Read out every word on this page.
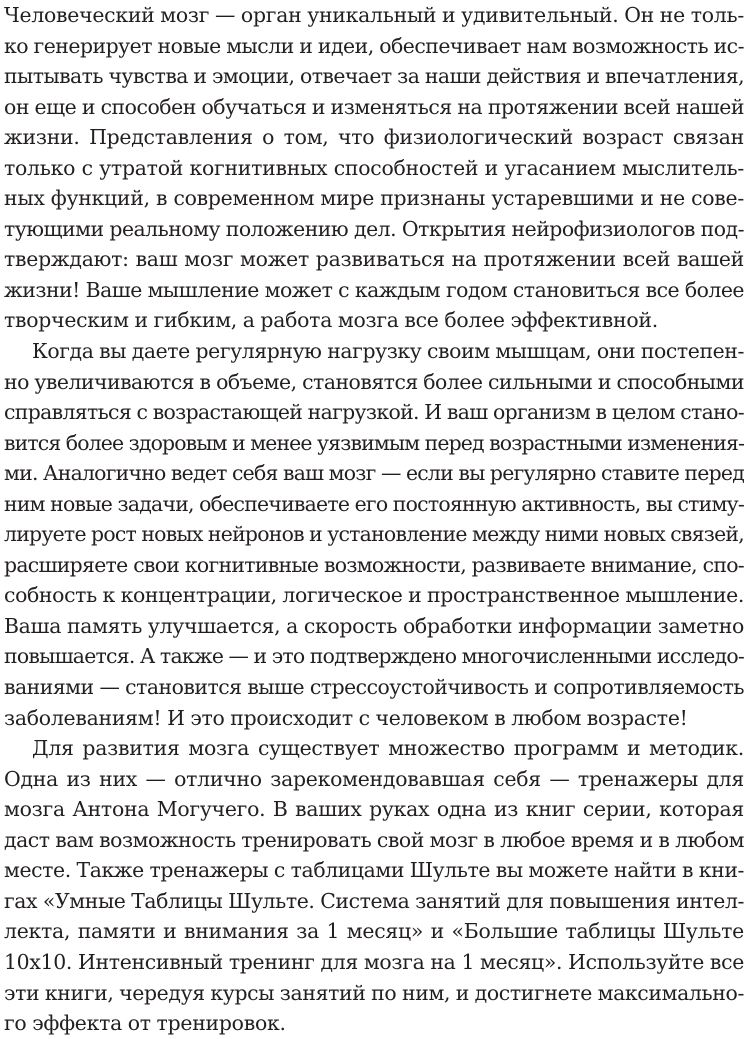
Человеческий мозг — орган уникальный и удивительный. Он не толь-
ко генерирует новые мысли и идеи, обеспечивает нам возможность ис-
пытывать чувства и эмоции, отвечает за наши действия и впечатления,
он еще и способен обучаться и изменяться на протяжении всей нашей
жизни. Представления о том, что физиологический возраст связан
только с утратой когнитивных способностей и угасанием мыслитель-
ных функций, в современном мире признаны устаревшими и не сове-
тующими реальному положению дел. Открытия нейрофизиологов под-
тверждают: ваш мозг может развиваться на протяжении всей вашей
жизни! Ваше мышление может с каждым годом становиться все более
творческим и гибким, а работа мозга все более эффективной.
Когда вы даете регулярную нагрузку своим мышцам, они постепен-
но увеличиваются в объеме, становятся более сильными и способными
справляться с возрастающей нагрузкой. И ваш организм в целом стано-
вится более здоровым и менее уязвимым перед возрастными изменения-
ми. Аналогично ведет себя ваш мозг — если вы регулярно ставите перед
ним новые задачи, обеспечиваете его постоянную активность, вы стиму-
лируете рост новых нейронов и установление между ними новых связей,
расширяете свои когнитивные возможности, развиваете внимание, спо-
собность к концентрации, логическое и пространственное мышление.
Ваша память улучшается, а скорость обработки информации заметно
повышается. А также — и это подтверждено многочисленными исследо-
ваниями — становится выше стрессоустойчивость и сопротивляемость
заболеваниям! И это происходит с человеком в любом возрасте!
Для развития мозга существует множество программ и методик.
Одна из них — отлично зарекомендовавшая себя — тренажеры для
мозга Антона Могучего. В ваших руках одна из книг серии, которая
даст вам возможность тренировать свой мозг в любое время и в любом
месте. Также тренажеры с таблицами Шульте вы можете найти в кни-
гах «Умные Таблицы Шульте. Система занятий для повышения интел-
лекта, памяти и внимания за 1 месяц» и «Большие таблицы Шульте
10x10. Интенсивный тренинг для мозга на 1 месяц». Используйте все
эти книги, чередуя курсы занятий по ним, и достигнете максимально-
го эффекта от тренировок.
